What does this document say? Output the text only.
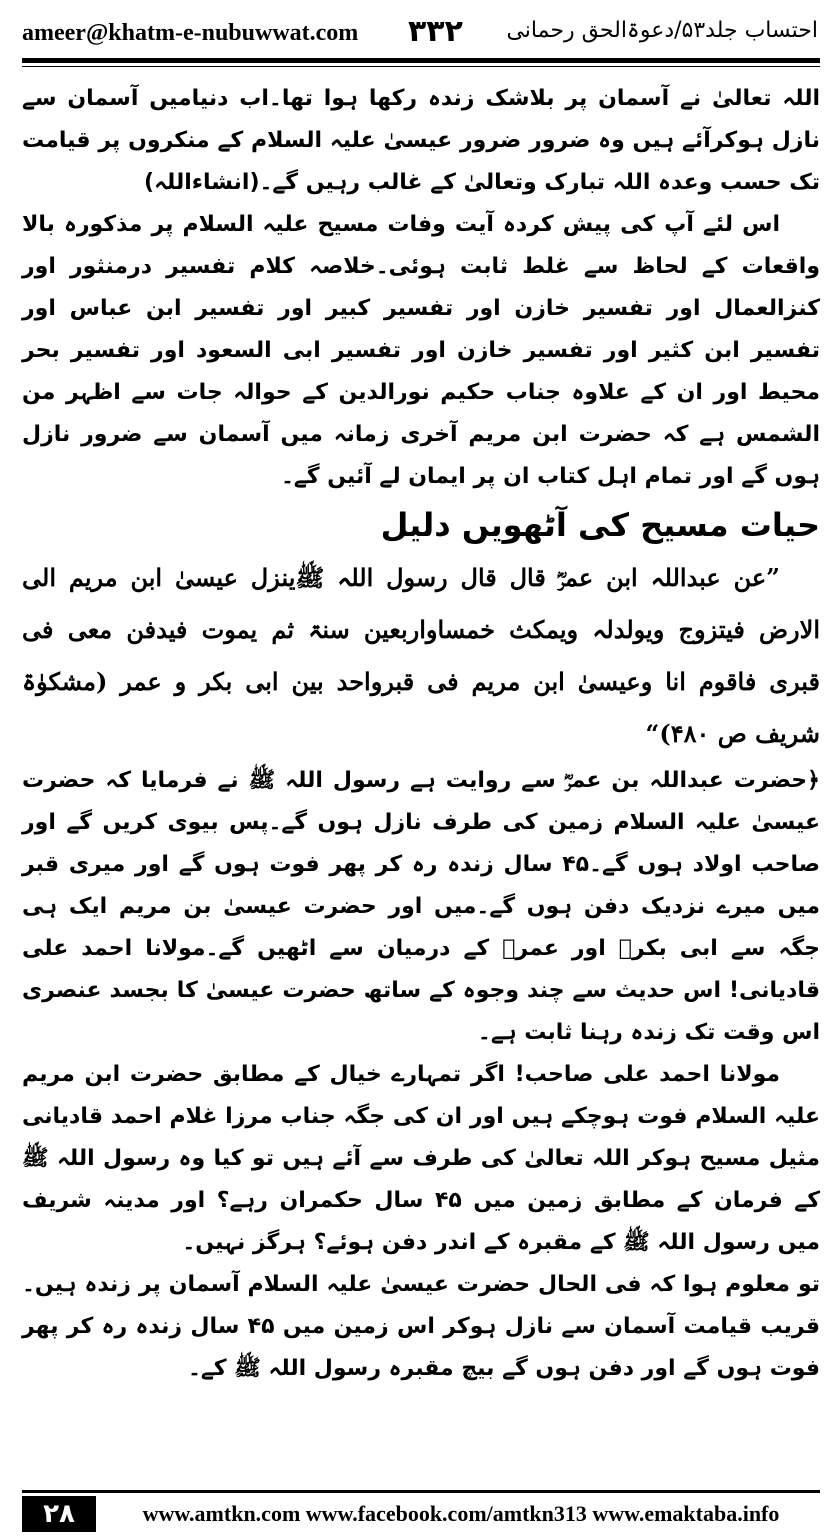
ameer@khatm-e-nubuwwat.com ۳۳۲ احتساب جلد۵۳/دعوۃالحق رحمانی

اللہ تعالیٰ نے آسمان پر بلاشک زندہ رکھا ہوا تھا۔اب دنیامیں آسمان سے نازل ہوکرآئے ہیں وہ ضرور ضرور عیسیٰ علیہ السلام کے منکروں پر قیامت تک حسب وعدہ اللہ تبارک وتعالیٰ کے غالب رہیں گے۔(انشاءاللہ)

اس لئے آپ کی پیش کردہ آیت وفات مسیح علیہ السلام پر مذکورہ بالا واقعات کے لحاظ سے غلط ثابت ہوئی۔خلاصہ کلام تفسیر درمنثور اور کنزالعمال اور تفسیر خازن اور تفسیر کبیر اور تفسیر ابن عباس اور تفسیر ابن کثیر اور تفسیر خازن اور تفسیر ابی السعود اور تفسیر بحر محیط اور ان کے علاوہ جناب حکیم نورالدین کے حوالہ جات سے اظہر من الشمس ہے کہ حضرت ابن مریم آخری زمانہ میں آسمان سے ضرور نازل ہوں گے اور تمام اہل کتاب ان پر ایمان لے آئیں گے۔

حیات مسیح کی آٹھویں دلیل

”عن عبداللہ ابن عمرؓ قال قال رسول اللہ ﷺینزل عیسیٰ ابن مریم الی الارض فیتزوج ویولدلہ ویمکث خمساواربعین سنۃ ثم یموت فیدفن معی فی قبری فاقوم انا وعیسیٰ ابن مریم فی قبرواحد بین ابی بکر و عمر (مشکوٰۃ شریف ص ۴۸۰)“

﴿حضرت عبداللہ بن عمرؓ سے روایت ہے رسول اللہ ﷺ نے فرمایا کہ حضرت عیسیٰ علیہ السلام زمین کی طرف نازل ہوں گے۔پس بیوی کریں گے اور صاحب اولاد ہوں گے۔۴۵ سال زندہ رہ کر پھر فوت ہوں گے اور میری قبر میں میرے نزدیک دفن ہوں گے۔میں اور حضرت عیسیٰ بن مریم ایک ہی جگہ سے ابی بکرؓ اور عمرؓ کے درمیان سے اٹھیں گے۔مولانا احمد علی قادیانی! اس حدیث سے چند وجوہ کے ساتھ حضرت عیسیٰ کا بجسد عنصری اس وقت تک زندہ رہنا ثابت ہے۔

مولانا احمد علی صاحب! اگر تمہارے خیال کے مطابق حضرت ابن مریم علیہ السلام فوت ہوچکے ہیں اور ان کی جگہ جناب مرزا غلام احمد قادیانی مثیل مسیح ہوکر اللہ تعالیٰ کی طرف سے آئے ہیں تو کیا وہ رسول اللہ ﷺ کے فرمان کے مطابق زمین میں ۴۵ سال حکمران رہے؟ اور مدینہ شریف میں رسول اللہ ﷺ کے مقبرہ کے اندر دفن ہوئے؟ ہرگز نہیں۔

تو معلوم ہوا کہ فی الحال حضرت عیسیٰ علیہ السلام آسمان پر زندہ ہیں۔قریب قیامت آسمان سے نازل ہوکر اس زمین میں ۴۵ سال زندہ رہ کر پھر فوت ہوں گے اور دفن ہوں گے بیچ مقبرہ رسول اللہ ﷺ کے۔

۲۸	www.amtkn.com www.facebook.com/amtkn313 www.emaktaba.info
